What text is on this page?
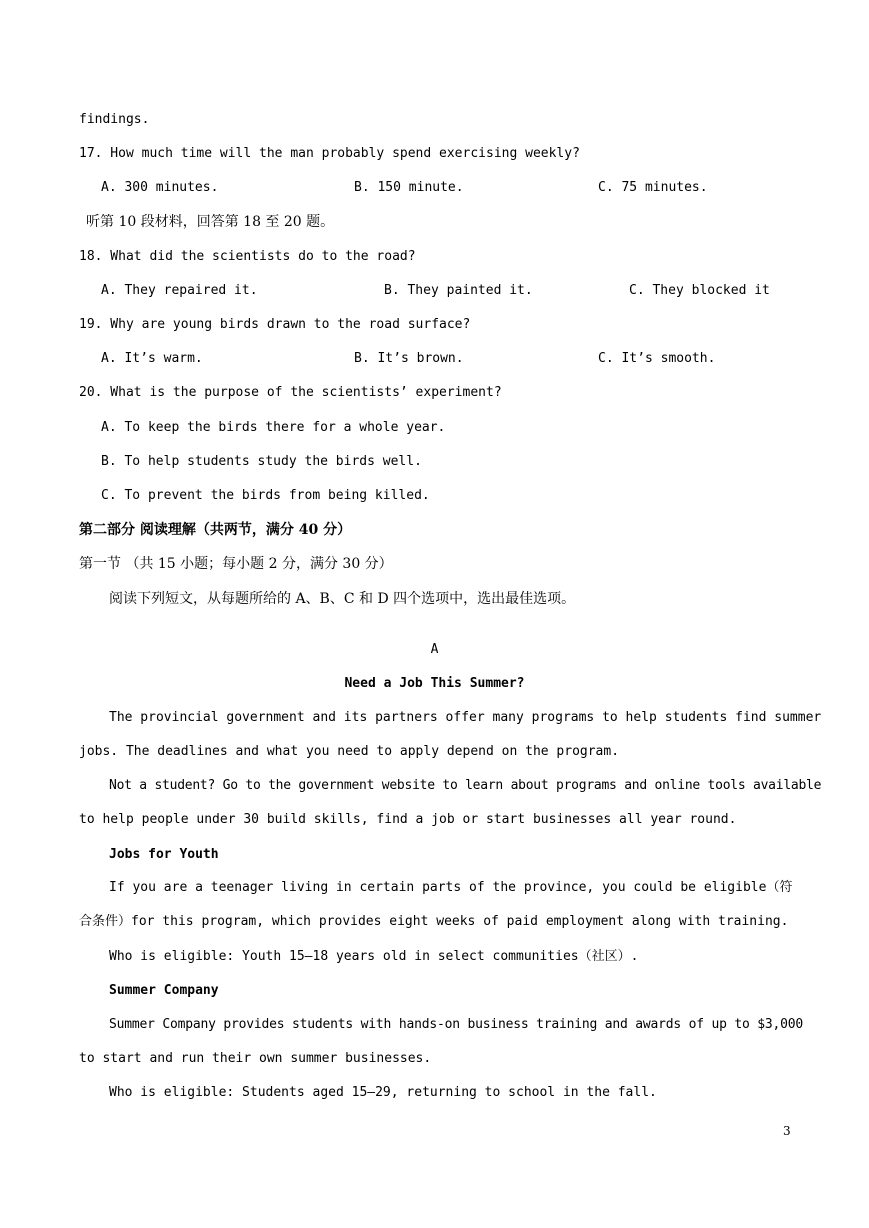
findings.
17. How much time will the man probably spend exercising weekly?
A. 300 minutes.	B. 150 minute.	C. 75 minutes.
听第 10 段材料，回答第 18 至 20 题。
18. What did the scientists do to the road?
A. They repaired it.	B. They painted it.	C. They blocked it
19. Why are young birds drawn to the road surface?
A. It’s warm.	B. It’s brown.	C. It’s smooth.
20. What is the purpose of the scientists’ experiment?
A. To keep the birds there for a whole year.
B. To help students study the birds well.
C. To prevent the birds from being killed.
第二部分 阅读理解（共两节，满分 40 分）
第一节 （共 15 小题；每小题 2 分，满分 30 分）
阅读下列短文，从每题所给的 A、B、C 和 D 四个选项中，选出最佳选项。
A
Need a Job This Summer?
The provincial government and its partners offer many programs to help students find summer
jobs. The deadlines and what you need to apply depend on the program.
Not a student? Go to the government website to learn about programs and online tools available
to help people under 30 build skills, find a job or start businesses all year round.
Jobs for Youth
If you are a teenager living in certain parts of the province, you could be eligible（符
合条件）for this program, which provides eight weeks of paid employment along with training.
Who is eligible: Youth 15—18 years old in select communities（社区）.
Summer Company
Summer Company provides students with hands-on business training and awards of up to $3,000
to start and run their own summer businesses.
Who is eligible: Students aged 15—29, returning to school in the fall.
3
